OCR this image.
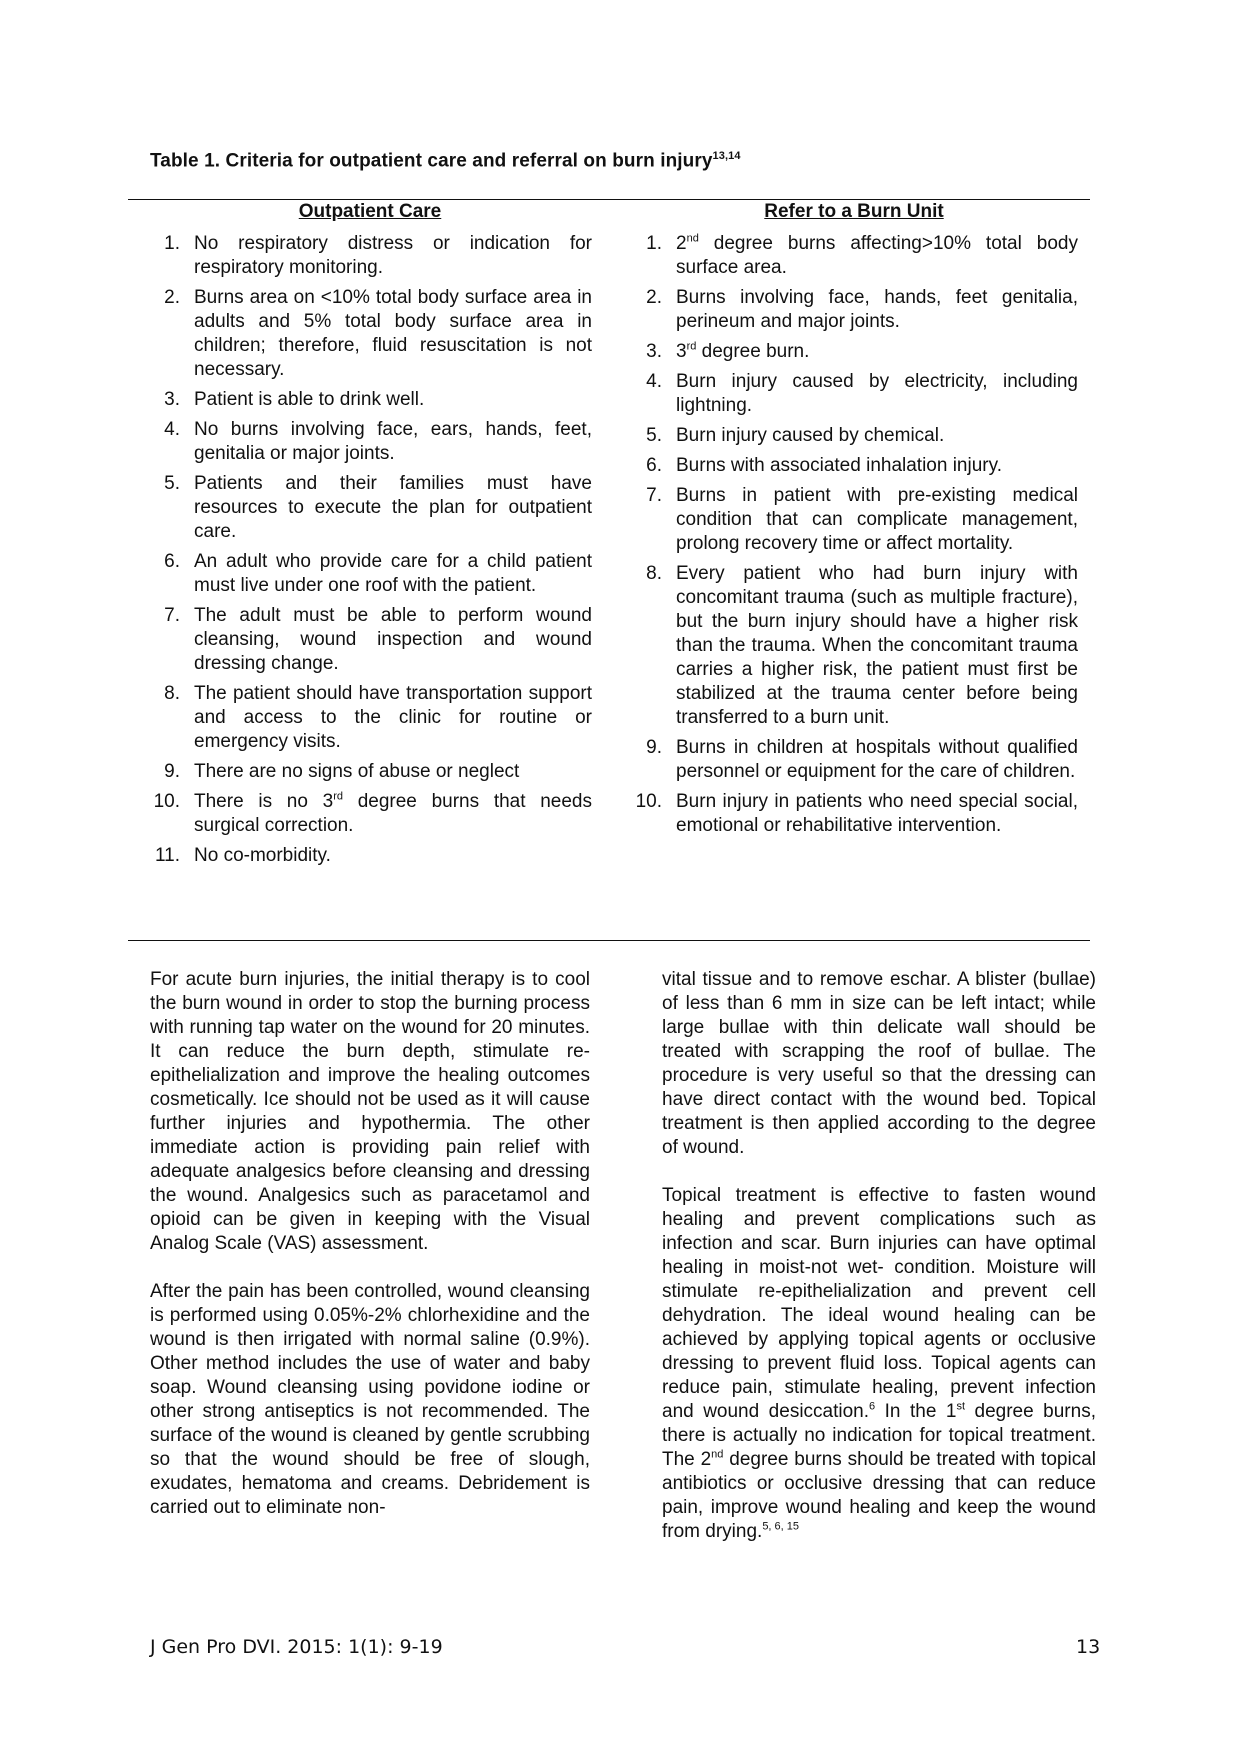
Table 1. Criteria for outpatient care and referral on burn injury$^{13,14}$
Outpatient Care	Refer to a Burn Unit
1. No respiratory distress or indication for respiratory monitoring.
2. Burns area on <10% total body surface area in adults and 5% total body surface area in children; therefore, fluid resuscitation is not necessary.
3. Patient is able to drink well.
4. No burns involving face, ears, hands, feet, genitalia or major joints.
5. Patients and their families must have resources to execute the plan for outpatient care.
6. An adult who provide care for a child patient must live under one roof with the patient.
7. The adult must be able to perform wound cleansing, wound inspection and wound dressing change.
8. The patient should have transportation support and access to the clinic for routine or emergency visits.
9. There are no signs of abuse or neglect
10. There is no 3rd degree burns that needs surgical correction.
11. No co-morbidity.
1. 2nd degree burns affecting>10% total body surface area.
2. Burns involving face, hands, feet genitalia, perineum and major joints.
3. 3rd degree burn.
4. Burn injury caused by electricity, including lightning.
5. Burn injury caused by chemical.
6. Burns with associated inhalation injury.
7. Burns in patient with pre-existing medical condition that can complicate management, prolong recovery time or affect mortality.
8. Every patient who had burn injury with concomitant trauma (such as multiple fracture), but the burn injury should have a higher risk than the trauma. When the concomitant trauma carries a higher risk, the patient must first be stabilized at the trauma center before being transferred to a burn unit.
9. Burns in children at hospitals without qualified personnel or equipment for the care of children.
10. Burn injury in patients who need special social, emotional or rehabilitative intervention.

For acute burn injuries, the initial therapy is to cool the burn wound in order to stop the burning process with running tap water on the wound for 20 minutes. It can reduce the burn depth, stimulate re-epithelialization and improve the healing outcomes cosmetically. Ice should not be used as it will cause further injuries and hypothermia. The other immediate action is providing pain relief with adequate analgesics before cleansing and dressing the wound. Analgesics such as paracetamol and opioid can be given in keeping with the Visual Analog Scale (VAS) assessment.

After the pain has been controlled, wound cleansing is performed using 0.05%-2% chlorhexidine and the wound is then irrigated with normal saline (0.9%). Other method includes the use of water and baby soap. Wound cleansing using povidone iodine or other strong antiseptics is not recommended. The surface of the wound is cleaned by gentle scrubbing so that the wound should be free of slough, exudates, hematoma and creams. Debridement is carried out to eliminate non-

vital tissue and to remove eschar. A blister (bullae) of less than 6 mm in size can be left intact; while large bullae with thin delicate wall should be treated with scrapping the roof of bullae. The procedure is very useful so that the dressing can have direct contact with the wound bed. Topical treatment is then applied according to the degree of wound.

Topical treatment is effective to fasten wound healing and prevent complications such as infection and scar. Burn injuries can have optimal healing in moist-not wet- condition. Moisture will stimulate re-epithelialization and prevent cell dehydration. The ideal wound healing can be achieved by applying topical agents or occlusive dressing to prevent fluid loss. Topical agents can reduce pain, stimulate healing, prevent infection and wound desiccation.$^6$ In the 1st degree burns, there is actually no indication for topical treatment. The 2nd degree burns should be treated with topical antibiotics or occlusive dressing that can reduce pain, improve wound healing and keep the wound from drying.$^{5, 6, 15}$

J Gen Pro DVI. 2015: 1(1): 9-19	13
